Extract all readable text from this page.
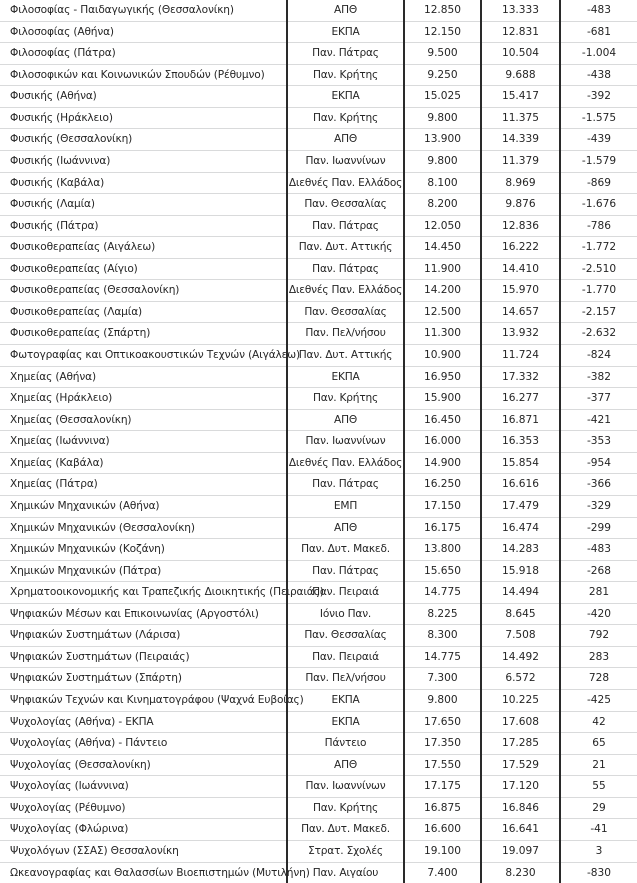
Φιλοσοφίας - Παιδαγωγικής (Θεσσαλονίκη)	ΑΠΘ	12.850	13.333	-483
Φιλοσοφίας (Αθήνα)	ΕΚΠΑ	12.150	12.831	-681
Φιλοσοφίας (Πάτρα)	Παν. Πάτρας	9.500	10.504	-1.004
Φιλοσοφικών και Κοινωνικών Σπουδών (Ρέθυμνο)	Παν. Κρήτης	9.250	9.688	-438
Φυσικής (Αθήνα)	ΕΚΠΑ	15.025	15.417	-392
Φυσικής (Ηράκλειο)	Παν. Κρήτης	9.800	11.375	-1.575
Φυσικής (Θεσσαλονίκη)	ΑΠΘ	13.900	14.339	-439
Φυσικής (Ιωάννινα)	Παν. Ιωαννίνων	9.800	11.379	-1.579
Φυσικής (Καβάλα)	Διεθνές Παν. Ελλάδος	8.100	8.969	-869
Φυσικής (Λαμία)	Παν. Θεσσαλίας	8.200	9.876	-1.676
Φυσικής (Πάτρα)	Παν. Πάτρας	12.050	12.836	-786
Φυσικοθεραπείας (Αιγάλεω)	Παν. Δυτ. Αττικής	14.450	16.222	-1.772
Φυσικοθεραπείας (Αίγιο)	Παν. Πάτρας	11.900	14.410	-2.510
Φυσικοθεραπείας (Θεσσαλονίκη)	Διεθνές Παν. Ελλάδος	14.200	15.970	-1.770
Φυσικοθεραπείας (Λαμία)	Παν. Θεσσαλίας	12.500	14.657	-2.157
Φυσικοθεραπείας (Σπάρτη)	Παν. Πελ/νήσου	11.300	13.932	-2.632
Φωτογραφίας και Οπτικοακουστικών Τεχνών (Αιγάλεω)	Παν. Δυτ. Αττικής	10.900	11.724	-824
Χημείας (Αθήνα)	ΕΚΠΑ	16.950	17.332	-382
Χημείας (Ηράκλειο)	Παν. Κρήτης	15.900	16.277	-377
Χημείας (Θεσσαλονίκη)	ΑΠΘ	16.450	16.871	-421
Χημείας (Ιωάννινα)	Παν. Ιωαννίνων	16.000	16.353	-353
Χημείας (Καβάλα)	Διεθνές Παν. Ελλάδος	14.900	15.854	-954
Χημείας (Πάτρα)	Παν. Πάτρας	16.250	16.616	-366
Χημικών Μηχανικών (Αθήνα)	ΕΜΠ	17.150	17.479	-329
Χημικών Μηχανικών (Θεσσαλονίκη)	ΑΠΘ	16.175	16.474	-299
Χημικών Μηχανικών (Κοζάνη)	Παν. Δυτ. Μακεδ.	13.800	14.283	-483
Χημικών Μηχανικών (Πάτρα)	Παν. Πάτρας	15.650	15.918	-268
Χρηματοοικονομικής και Τραπεζικής Διοικητικής (Πειραιάς)	Παν. Πειραιά	14.775	14.494	281
Ψηφιακών Μέσων και Επικοινωνίας (Αργοστόλι)	Ιόνιο Παν.	8.225	8.645	-420
Ψηφιακών Συστημάτων (Λάρισα)	Παν. Θεσσαλίας	8.300	7.508	792
Ψηφιακών Συστημάτων (Πειραιάς)	Παν. Πειραιά	14.775	14.492	283
Ψηφιακών Συστημάτων (Σπάρτη)	Παν. Πελ/νήσου	7.300	6.572	728
Ψηφιακών Τεχνών και Κινηματογράφου (Ψαχνά Ευβοίας)	ΕΚΠΑ	9.800	10.225	-425
Ψυχολογίας (Αθήνα) - ΕΚΠΑ	ΕΚΠΑ	17.650	17.608	42
Ψυχολογίας (Αθήνα) - Πάντειο	Πάντειο	17.350	17.285	65
Ψυχολογίας (Θεσσαλονίκη)	ΑΠΘ	17.550	17.529	21
Ψυχολογίας (Ιωάννινα)	Παν. Ιωαννίνων	17.175	17.120	55
Ψυχολογίας (Ρέθυμνο)	Παν. Κρήτης	16.875	16.846	29
Ψυχολογίας (Φλώρινα)	Παν. Δυτ. Μακεδ.	16.600	16.641	-41
Ψυχολόγων (ΣΣΑΣ) Θεσσαλονίκη	Στρατ. Σχολές	19.100	19.097	3
Ωκεανογραφίας και Θαλασσίων Βιοεπιστημών (Μυτιλήνη)	Παν. Αιγαίου	7.400	8.230	-830
